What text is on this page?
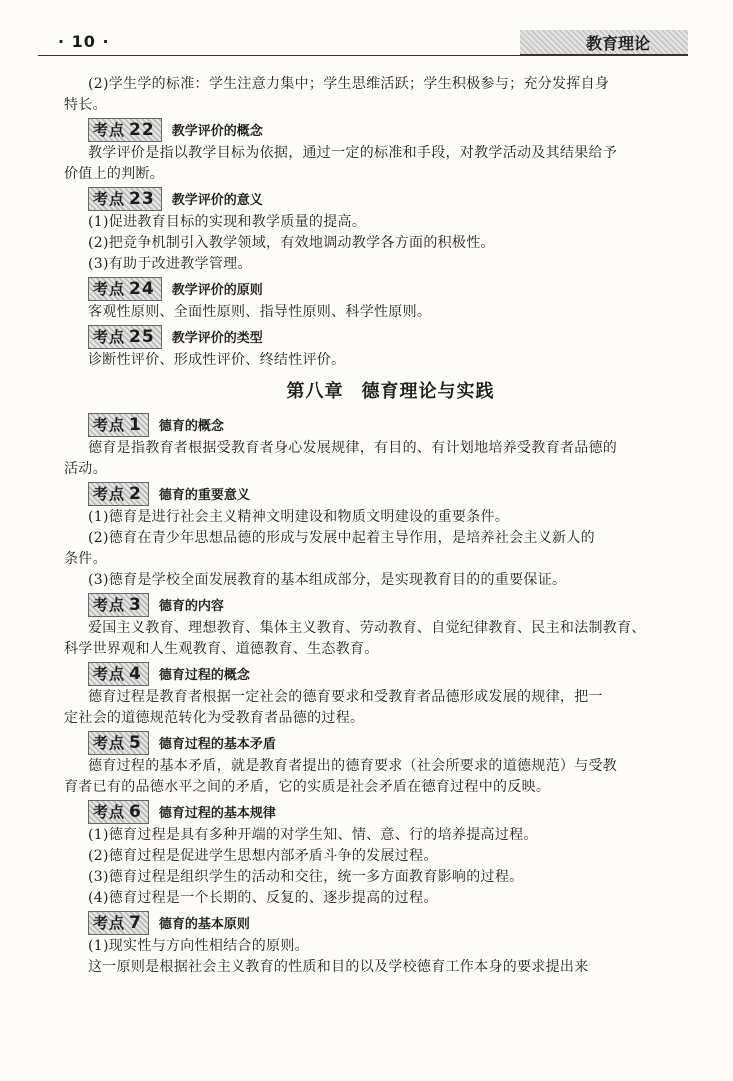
· 10 ·	教育理论

(2)学生学的标准：学生注意力集中；学生思维活跃；学生积极参与；充分发挥自身

特长。

考点 22 教学评价的概念

教学评价是指以教学目标为依据，通过一定的标准和手段，对教学活动及其结果给予

价值上的判断。

考点 23 教学评价的意义

(1)促进教育目标的实现和教学质量的提高。

(2)把竞争机制引入教学领域，有效地调动教学各方面的积极性。

(3)有助于改进教学管理。

考点 24 教学评价的原则

客观性原则、全面性原则、指导性原则、科学性原则。

考点 25 教学评价的类型

诊断性评价、形成性评价、终结性评价。

第八章 德育理论与实践
考点 1 德育的概念

德育是指教育者根据受教育者身心发展规律，有目的、有计划地培养受教育者品德的

活动。

考点 2 德育的重要意义

(1)德育是进行社会主义精神文明建设和物质文明建设的重要条件。

(2)德育在青少年思想品德的形成与发展中起着主导作用，是培养社会主义新人的

条件。

(3)德育是学校全面发展教育的基本组成部分，是实现教育目的的重要保证。

考点 3 德育的内容

爱国主义教育、理想教育、集体主义教育、劳动教育、自觉纪律教育、民主和法制教育、

科学世界观和人生观教育、道德教育、生态教育。

考点 4 德育过程的概念

德育过程是教育者根据一定社会的德育要求和受教育者品德形成发展的规律，把一

定社会的道德规范转化为受教育者品德的过程。

考点 5 德育过程的基本矛盾

德育过程的基本矛盾，就是教育者提出的德育要求（社会所要求的道德规范）与受教

育者已有的品德水平之间的矛盾，它的实质是社会矛盾在德育过程中的反映。

考点 6 德育过程的基本规律

(1)德育过程是具有多种开端的对学生知、情、意、行的培养提高过程。

(2)德育过程是促进学生思想内部矛盾斗争的发展过程。

(3)德育过程是组织学生的活动和交往，统一多方面教育影响的过程。

(4)德育过程是一个长期的、反复的、逐步提高的过程。

考点 7 德育的基本原则

(1)现实性与方向性相结合的原则。

这一原则是根据社会主义教育的性质和目的以及学校德育工作本身的要求提出来
